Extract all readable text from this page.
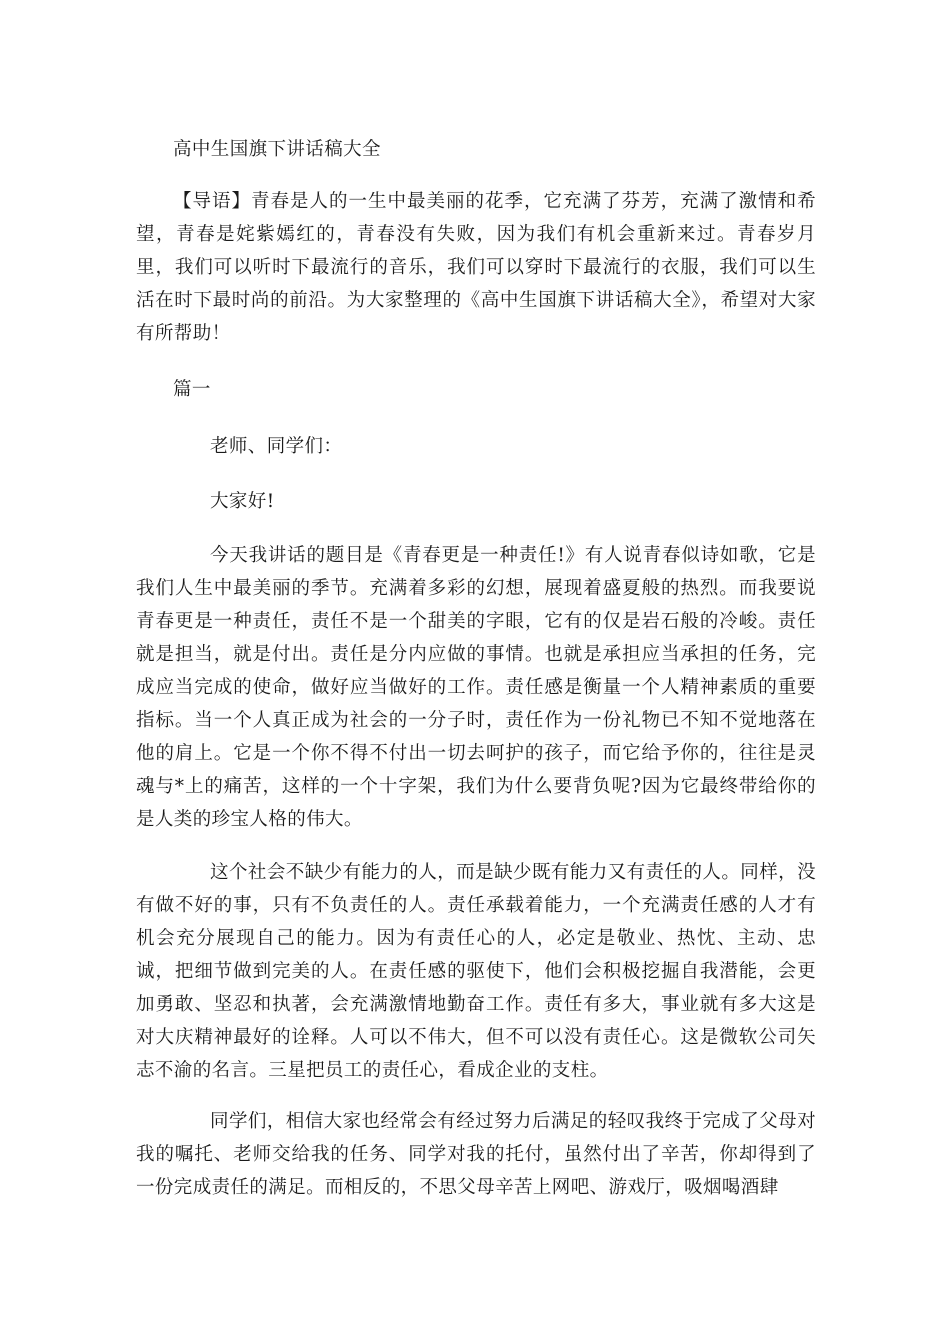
高中生国旗下讲话稿大全

【导语】青春是人的一生中最美丽的花季，它充满了芬芳，充满了激情和希望，青春是姹紫嫣红的，青春没有失败，因为我们有机会重新来过。青春岁月里，我们可以听时下最流行的音乐，我们可以穿时下最流行的衣服，我们可以生活在时下最时尚的前沿。为大家整理的《高中生国旗下讲话稿大全》，希望对大家有所帮助！

篇一

老师、同学们：

大家好!

今天我讲话的题目是《青春更是一种责任!》有人说青春似诗如歌，它是我们人生中最美丽的季节。充满着多彩的幻想，展现着盛夏般的热烈。而我要说青春更是一种责任，责任不是一个甜美的字眼，它有的仅是岩石般的冷峻。责任就是担当，就是付出。责任是分内应做的事情。也就是承担应当承担的任务，完成应当完成的使命，做好应当做好的工作。责任感是衡量一个人精神素质的重要指标。当一个人真正成为社会的一分子时，责任作为一份礼物已不知不觉地落在他的肩上。它是一个你不得不付出一切去呵护的孩子，而它给予你的，往往是灵魂与*上的痛苦，这样的一个十字架，我们为什么要背负呢?因为它最终带给你的是人类的珍宝人格的伟大。

这个社会不缺少有能力的人，而是缺少既有能力又有责任的人。同样，没有做不好的事，只有不负责任的人。责任承载着能力，一个充满责任感的人才有机会充分展现自己的能力。因为有责任心的人，必定是敬业、热忱、主动、忠诚，把细节做到完美的人。在责任感的驱使下，他们会积极挖掘自我潜能，会更加勇敢、坚忍和执著，会充满激情地勤奋工作。责任有多大，事业就有多大这是对大庆精神最好的诠释。人可以不伟大，但不可以没有责任心。这是微软公司矢志不渝的名言。三星把员工的责任心，看成企业的支柱。

同学们，相信大家也经常会有经过努力后满足的轻叹我终于完成了父母对我的嘱托、老师交给我的任务、同学对我的托付，虽然付出了辛苦，你却得到了一份完成责任的满足。而相反的，不思父母辛苦上网吧、游戏厅，吸烟喝酒肆
